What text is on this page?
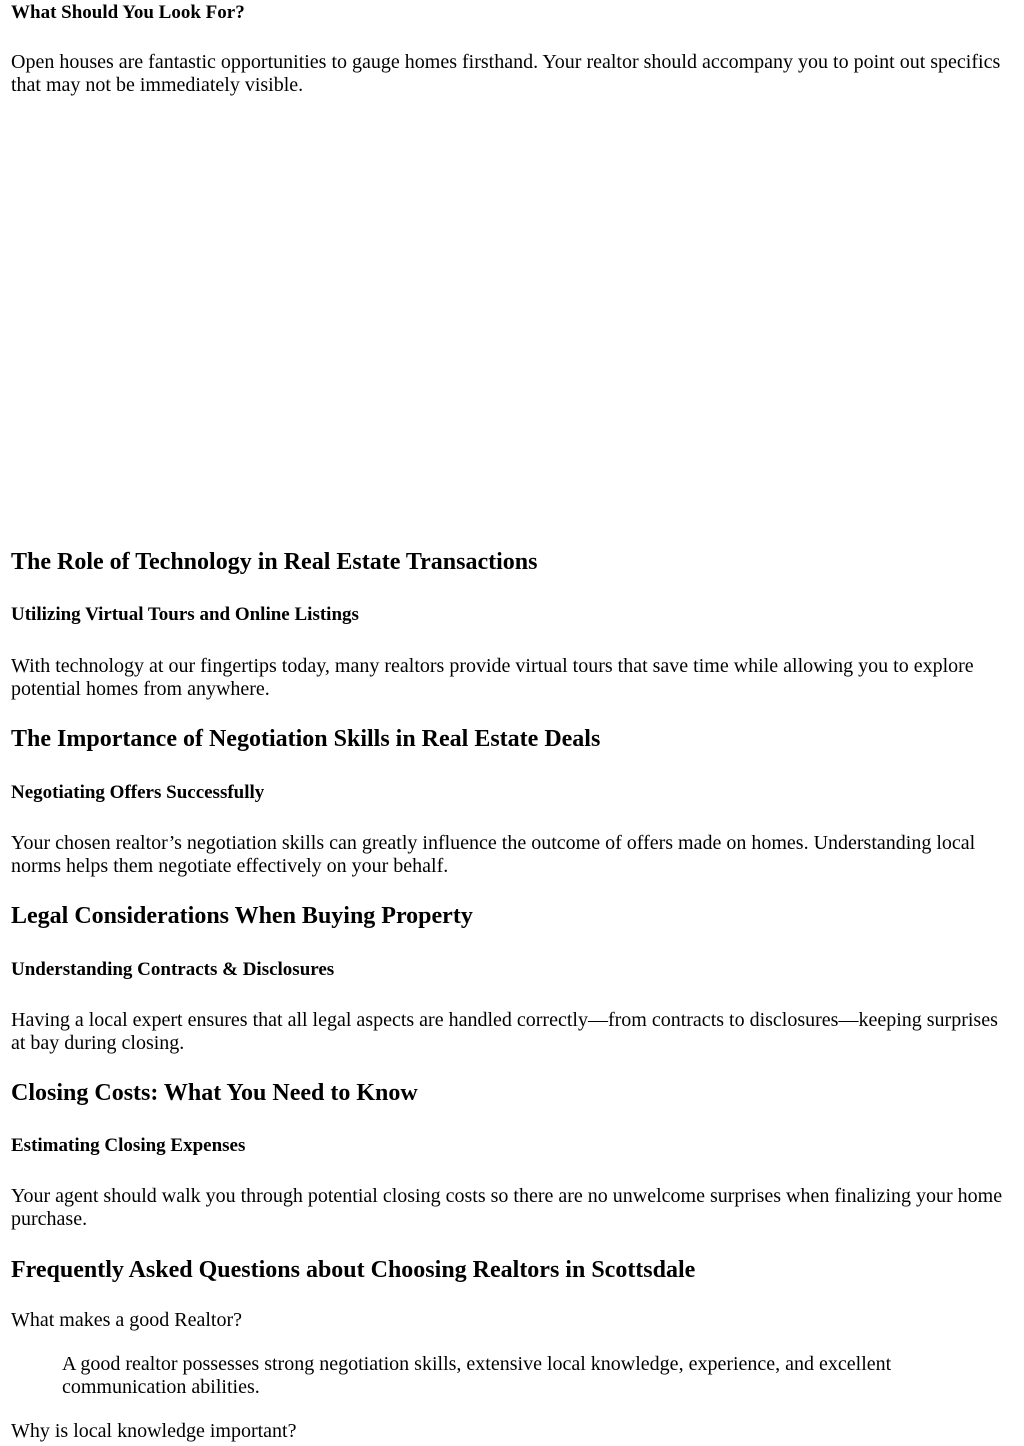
What Should You Look For?
Open houses are fantastic opportunities to gauge homes firsthand. Your realtor should accompany you to point out specifics that may not be immediately visible.
The Role of Technology in Real Estate Transactions
Utilizing Virtual Tours and Online Listings
With technology at our fingertips today, many realtors provide virtual tours that save time while allowing you to explore potential homes from anywhere.
The Importance of Negotiation Skills in Real Estate Deals
Negotiating Offers Successfully
Your chosen realtor’s negotiation skills can greatly influence the outcome of offers made on homes. Understanding local norms helps them negotiate effectively on your behalf.
Legal Considerations When Buying Property
Understanding Contracts & Disclosures
Having a local expert ensures that all legal aspects are handled correctly—from contracts to disclosures—keeping surprises at bay during closing.
Closing Costs: What You Need to Know
Estimating Closing Expenses
Your agent should walk you through potential closing costs so there are no unwelcome surprises when finalizing your home purchase.
Frequently Asked Questions about Choosing Realtors in Scottsdale
What makes a good Realtor?
A good realtor possesses strong negotiation skills, extensive local knowledge, experience, and excellent communication abilities.
Why is local knowledge important?
